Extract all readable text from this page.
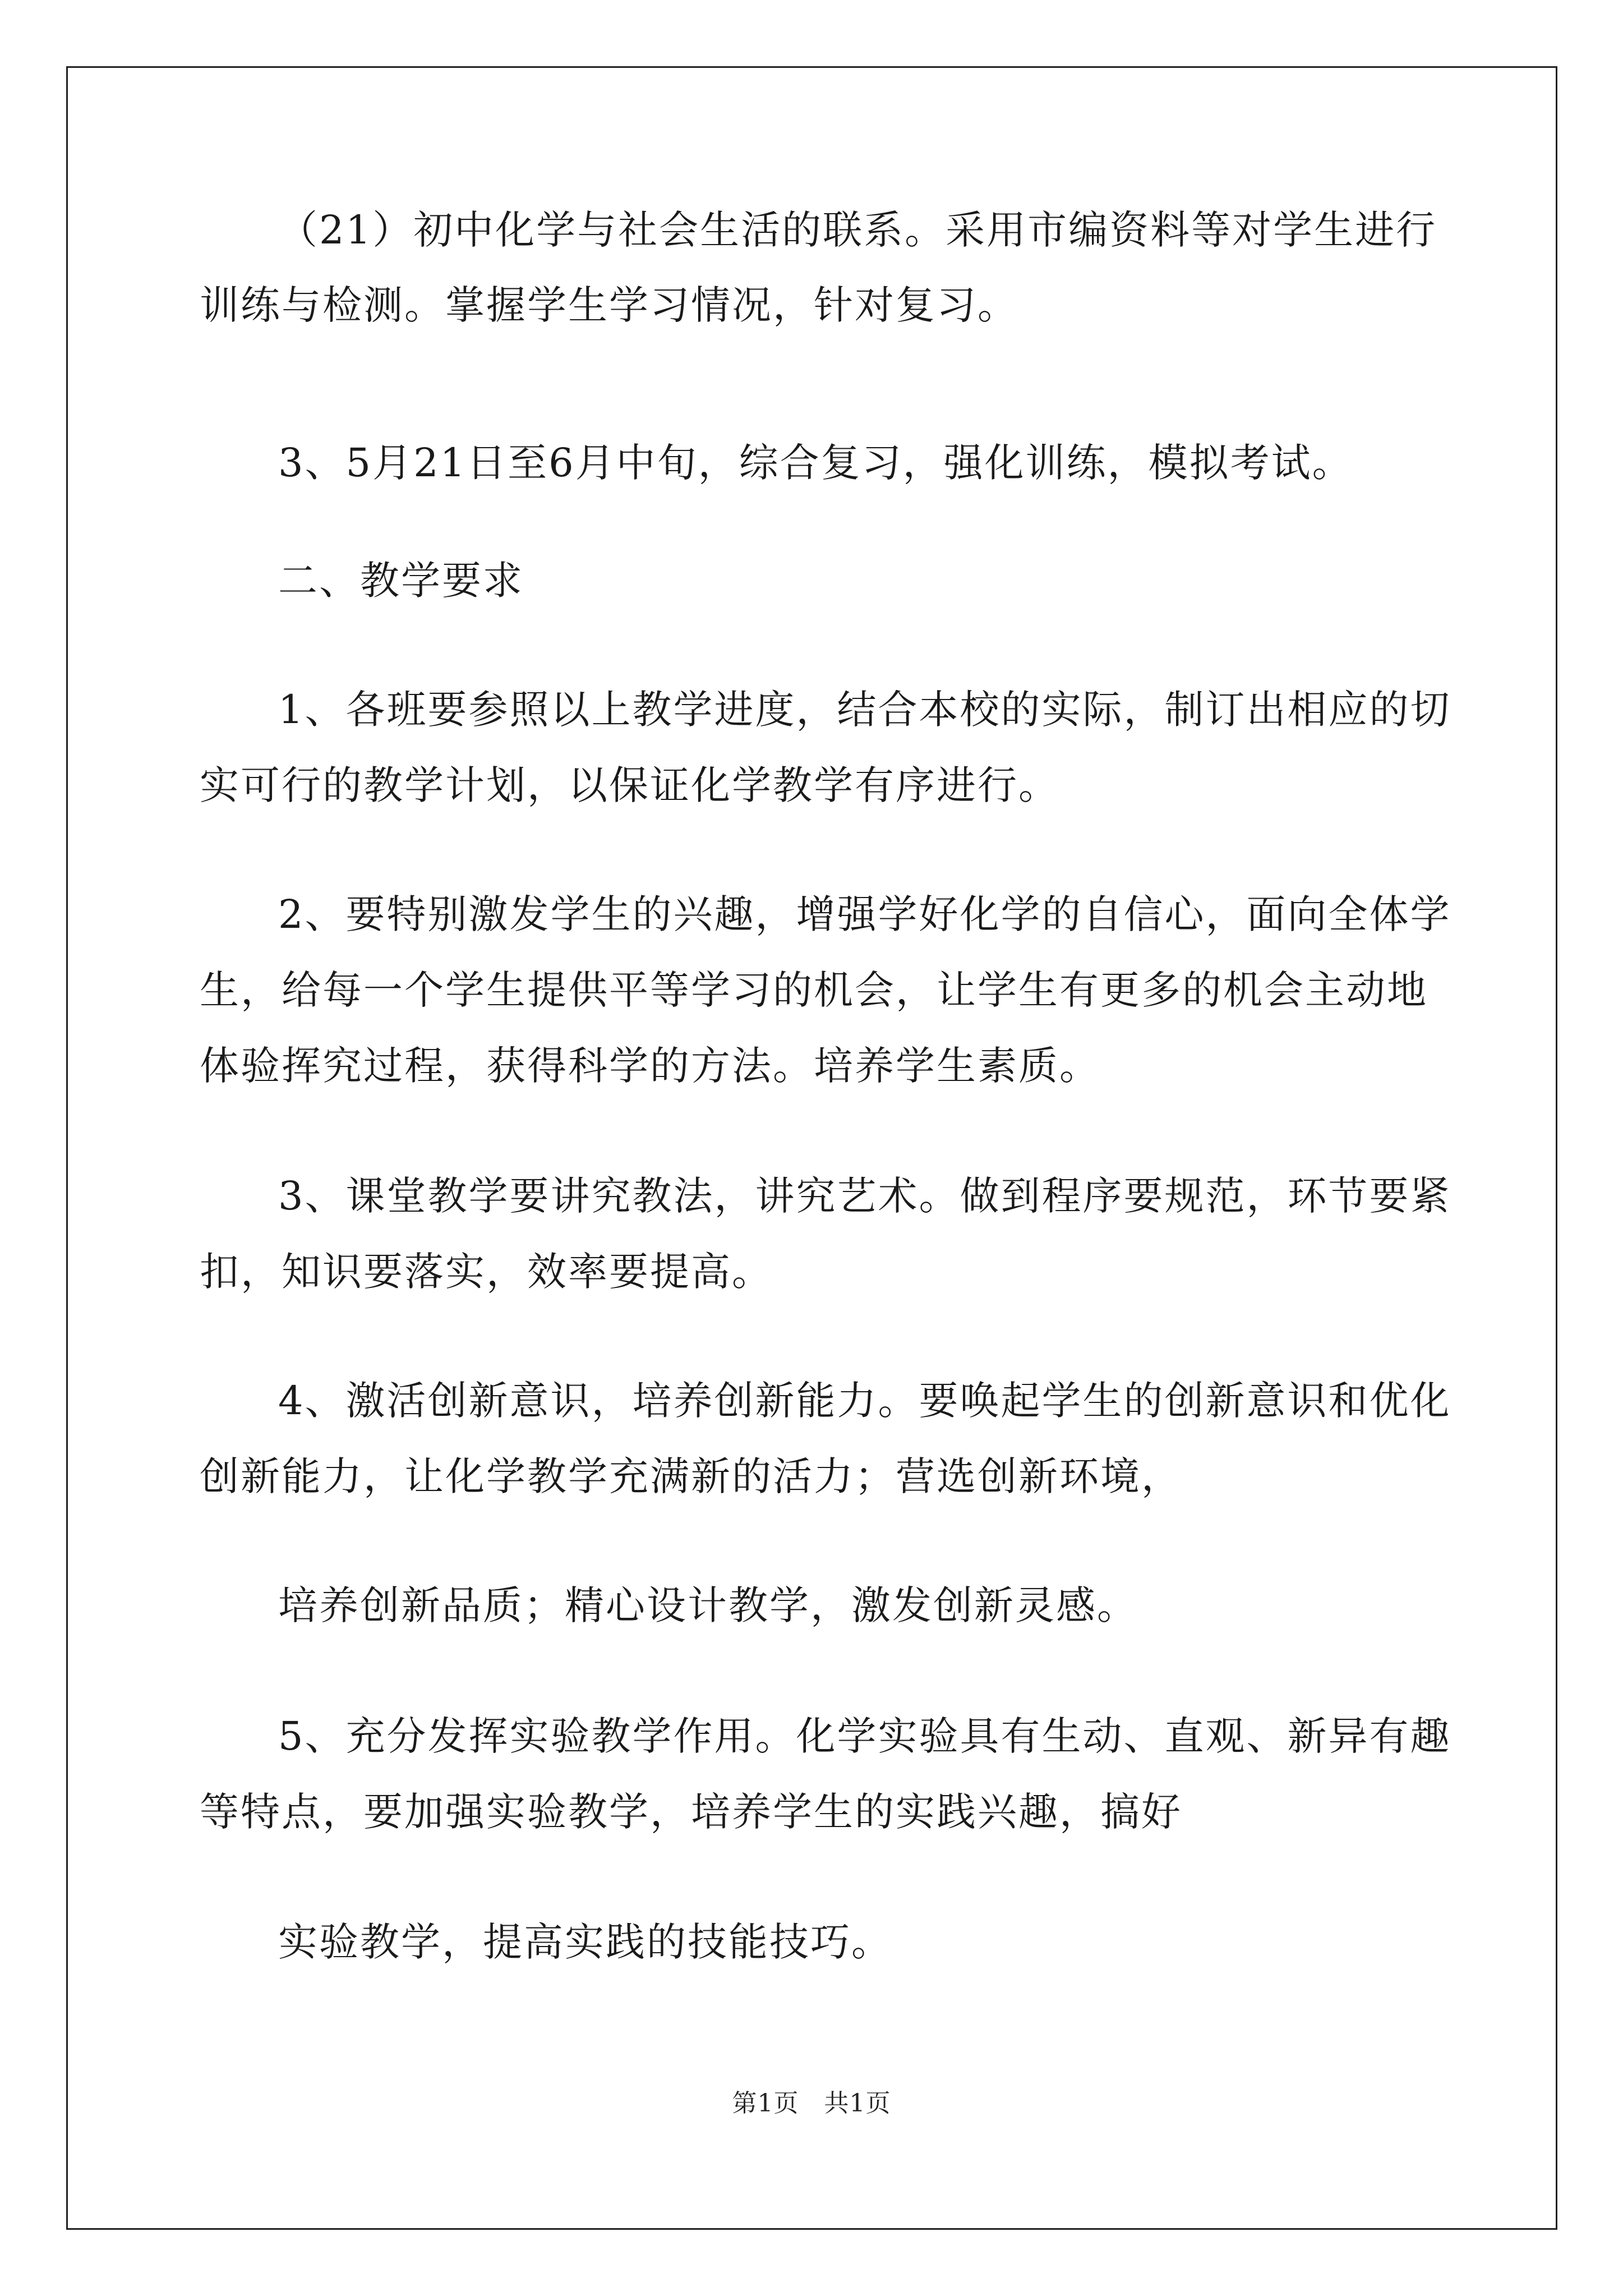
（21）初中化学与社会生活的联系。采用市编资料等对学生进行
训练与检测。掌握学生学习情况，针对复习。
3、5月21日至6月中旬，综合复习，强化训练，模拟考试。
二、教学要求
1、各班要参照以上教学进度，结合本校的实际，制订出相应的切
实可行的教学计划，以保证化学教学有序进行。
2、要特别激发学生的兴趣，增强学好化学的自信心，面向全体学
生，给每一个学生提供平等学习的机会，让学生有更多的机会主动地
体验挥究过程，获得科学的方法。培养学生素质。
3、课堂教学要讲究教法，讲究艺术。做到程序要规范，环节要紧
扣，知识要落实，效率要提高。
4、激活创新意识，培养创新能力。要唤起学生的创新意识和优化
创新能力，让化学教学充满新的活力；营选创新环境，
培养创新品质；精心设计教学，激发创新灵感。
5、充分发挥实验教学作用。化学实验具有生动、直观、新异有趣
等特点，要加强实验教学，培养学生的实践兴趣，搞好
实验教学，提高实践的技能技巧。
第1页   共1页
